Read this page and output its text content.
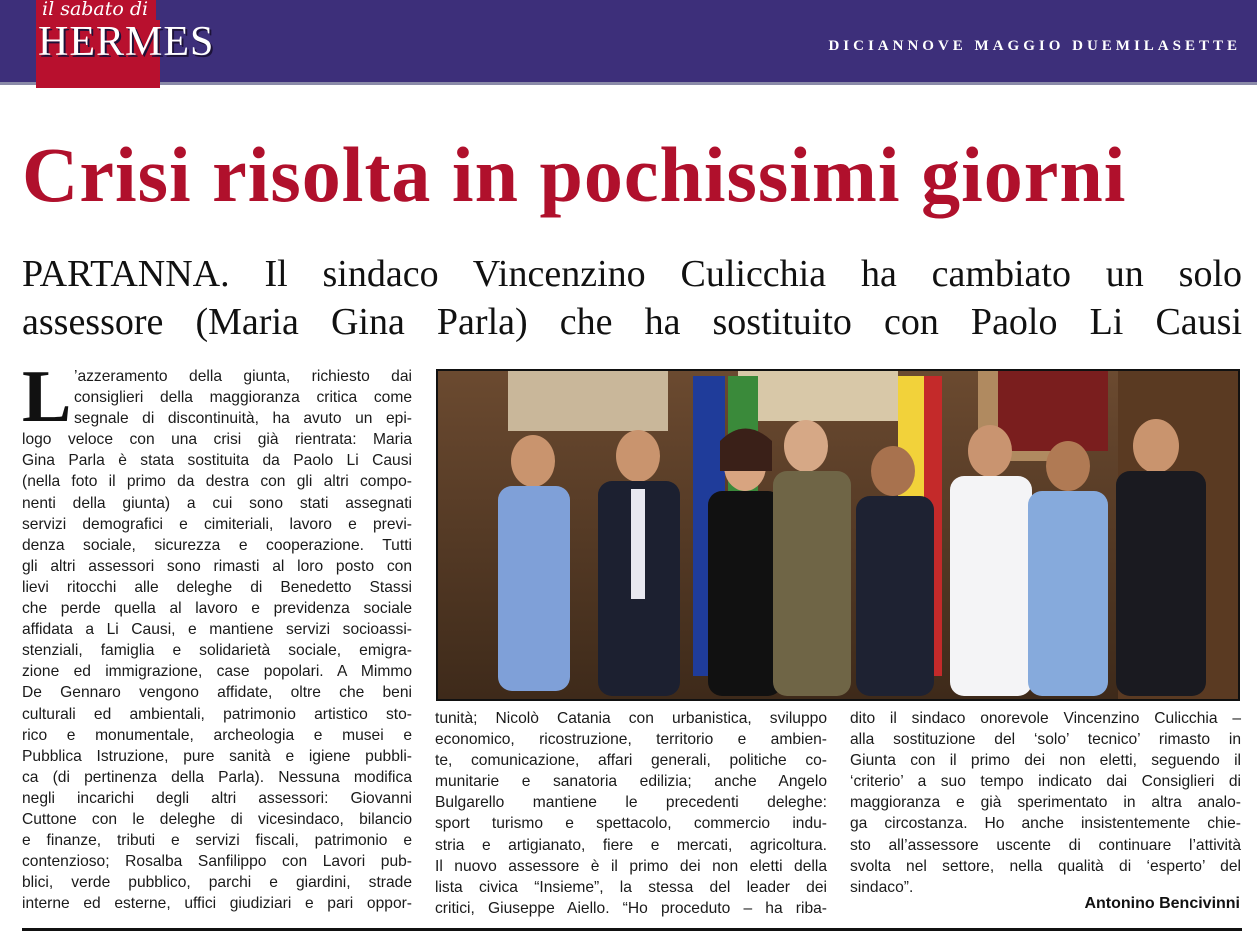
il sabato di
HERMES	DICIANNOVE MAGGIO DUEMILASETTE
Crisi risolta in pochissimi giorni
PARTANNA. Il sindaco Vincenzino Culicchia ha cambiato un solo
assessore (Maria Gina Parla) che ha sostituito con Paolo Li Causi
L ’azzeramento della giunta, richiesto dai
consiglieri della maggioranza critica come
segnale di discontinuità, ha avuto un epi-
logo veloce con una crisi già rientrata: Maria
Gina Parla è stata sostituita da Paolo Li Causi
(nella foto il primo da destra con gli altri compo-
nenti della giunta) a cui sono stati assegnati
servizi demografici e cimiteriali, lavoro e previ-
denza sociale, sicurezza e cooperazione. Tutti
gli altri assessori sono rimasti al loro posto con
lievi ritocchi alle deleghe di Benedetto Stassi
che perde quella al lavoro e previdenza sociale
affidata a Li Causi, e mantiene servizi socioassi-
stenziali, famiglia e solidarietà sociale, emigra-
zione ed immigrazione, case popolari. A Mimmo
De Gennaro vengono affidate, oltre che beni
culturali ed ambientali, patrimonio artistico sto-
rico e monumentale, archeologia e musei e
Pubblica Istruzione, pure sanità e igiene pubbli-
ca (di pertinenza della Parla). Nessuna modifica
negli incarichi degli altri assessori: Giovanni
Cuttone con le deleghe di vicesindaco, bilancio
e finanze, tributi e servizi fiscali, patrimonio e
contenzioso; Rosalba Sanfilippo con Lavori pub-
blici, verde pubblico, parchi e giardini, strade
interne ed esterne, uffici giudiziari e pari oppor-
tunità; Nicolò Catania con urbanistica, sviluppo
economico, ricostruzione, territorio e ambien-
te, comunicazione, affari generali, politiche co-
munitarie e sanatoria edilizia; anche Angelo
Bulgarello mantiene le precedenti deleghe:
sport turismo e spettacolo, commercio indu-
stria e artigianato, fiere e mercati, agricoltura.
Il nuovo assessore è il primo dei non eletti della
lista civica “Insieme”, la stessa del leader dei
critici, Giuseppe Aiello. “Ho proceduto – ha riba-
dito il sindaco onorevole Vincenzino Culicchia –
alla sostituzione del ‘solo’ tecnico’ rimasto in
Giunta con il primo dei non eletti, seguendo il
‘criterio’ a suo tempo indicato dai Consiglieri di
maggioranza e già sperimentato in altra analo-
ga circostanza. Ho anche insistentemente chie-
sto all’assessore uscente di continuare l’attività
svolta nel settore, nella qualità di ‘esperto’ del
sindaco”.
Antonino Bencivinni
